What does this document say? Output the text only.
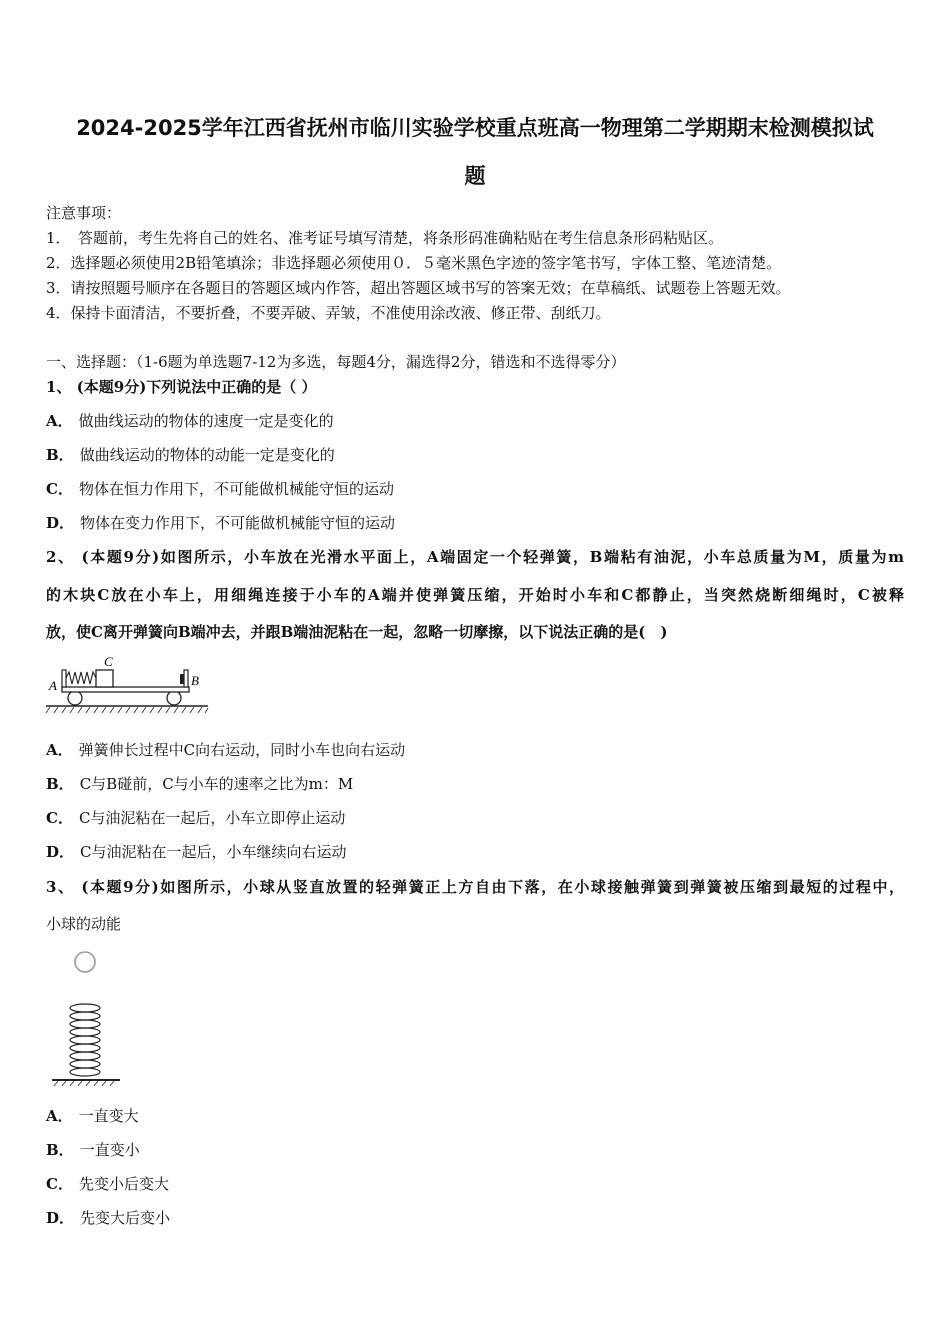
2024-2025学年江西省抚州市临川实验学校重点班高一物理第二学期期末检测模拟试
题
注意事项：
1．　答题前，考生先将自己的姓名、准考证号填写清楚，将条形码准确粘贴在考生信息条形码粘贴区。
2．选择题必须使用2B铅笔填涂；非选择题必须使用０．５毫米黑色字迹的签字笔书写，字体工整、笔迹清楚。
3．请按照题号顺序在各题目的答题区域内作答，超出答题区域书写的答案无效；在草稿纸、试题卷上答题无效。
4．保持卡面清洁，不要折叠，不要弄破、弄皱，不准使用涂改液、修正带、刮纸刀。
一、选择题：（1-6题为单选题7-12为多选，每题4分，漏选得2分，错选和不选得零分）
1、 (本题9分)下列说法中正确的是（ ）
A． 做曲线运动的物体的速度一定是变化的
B． 做曲线运动的物体的动能一定是变化的
C． 物体在恒力作用下，不可能做机械能守恒的运动
D． 物体在变力作用下，不可能做机械能守恒的运动
2、 (本题9分)如图所示，小车放在光滑水平面上，A端固定一个轻弹簧，B端粘有油泥，小车总质量为M，质量为m
的木块C放在小车上，用细绳连接于小车的A端并使弹簧压缩，开始时小车和C都静止，当突然烧断细绳时，C被释
放，使C离开弹簧向B端冲去，并跟B端油泥粘在一起，忽略一切摩擦，以下说法正确的是(　)
A	B
C
A． 弹簧伸长过程中C向右运动，同时小车也向右运动
B． C与B碰前，C与小车的速率之比为m：M
C． C与油泥粘在一起后，小车立即停止运动
D． C与油泥粘在一起后，小车继续向右运动
3、 (本题9分)如图所示，小球从竖直放置的轻弹簧正上方自由下落，在小球接触弹簧到弹簧被压缩到最短的过程中，
小球的动能
A． 一直变大
B． 一直变小
C． 先变小后变大
D． 先变大后变小
